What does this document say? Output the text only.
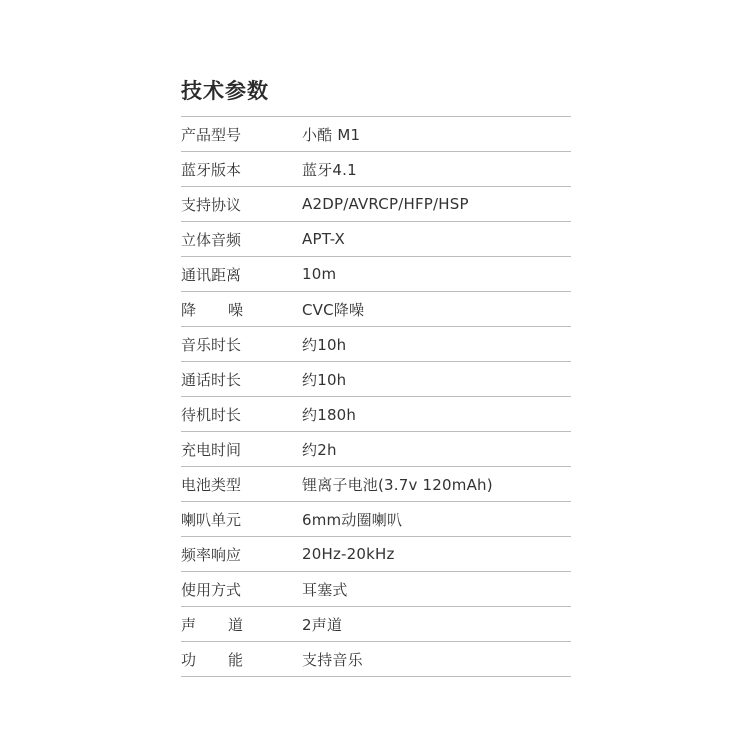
技术参数
产品型号	小酷 M1
蓝牙版本	蓝牙4.1
支持协议	A2DP/AVRCP/HFP/HSP
立体音频	APT-X
通讯距离	10m
降 噪	CVC降噪
音乐时长	约10h
通话时长	约10h
待机时长	约180h
充电时间	约2h
电池类型	锂离子电池(3.7v 120mAh)
喇叭单元	6mm动圈喇叭
频率响应	20Hz-20kHz
使用方式	耳塞式
声 道	2声道
功 能	支持音乐
